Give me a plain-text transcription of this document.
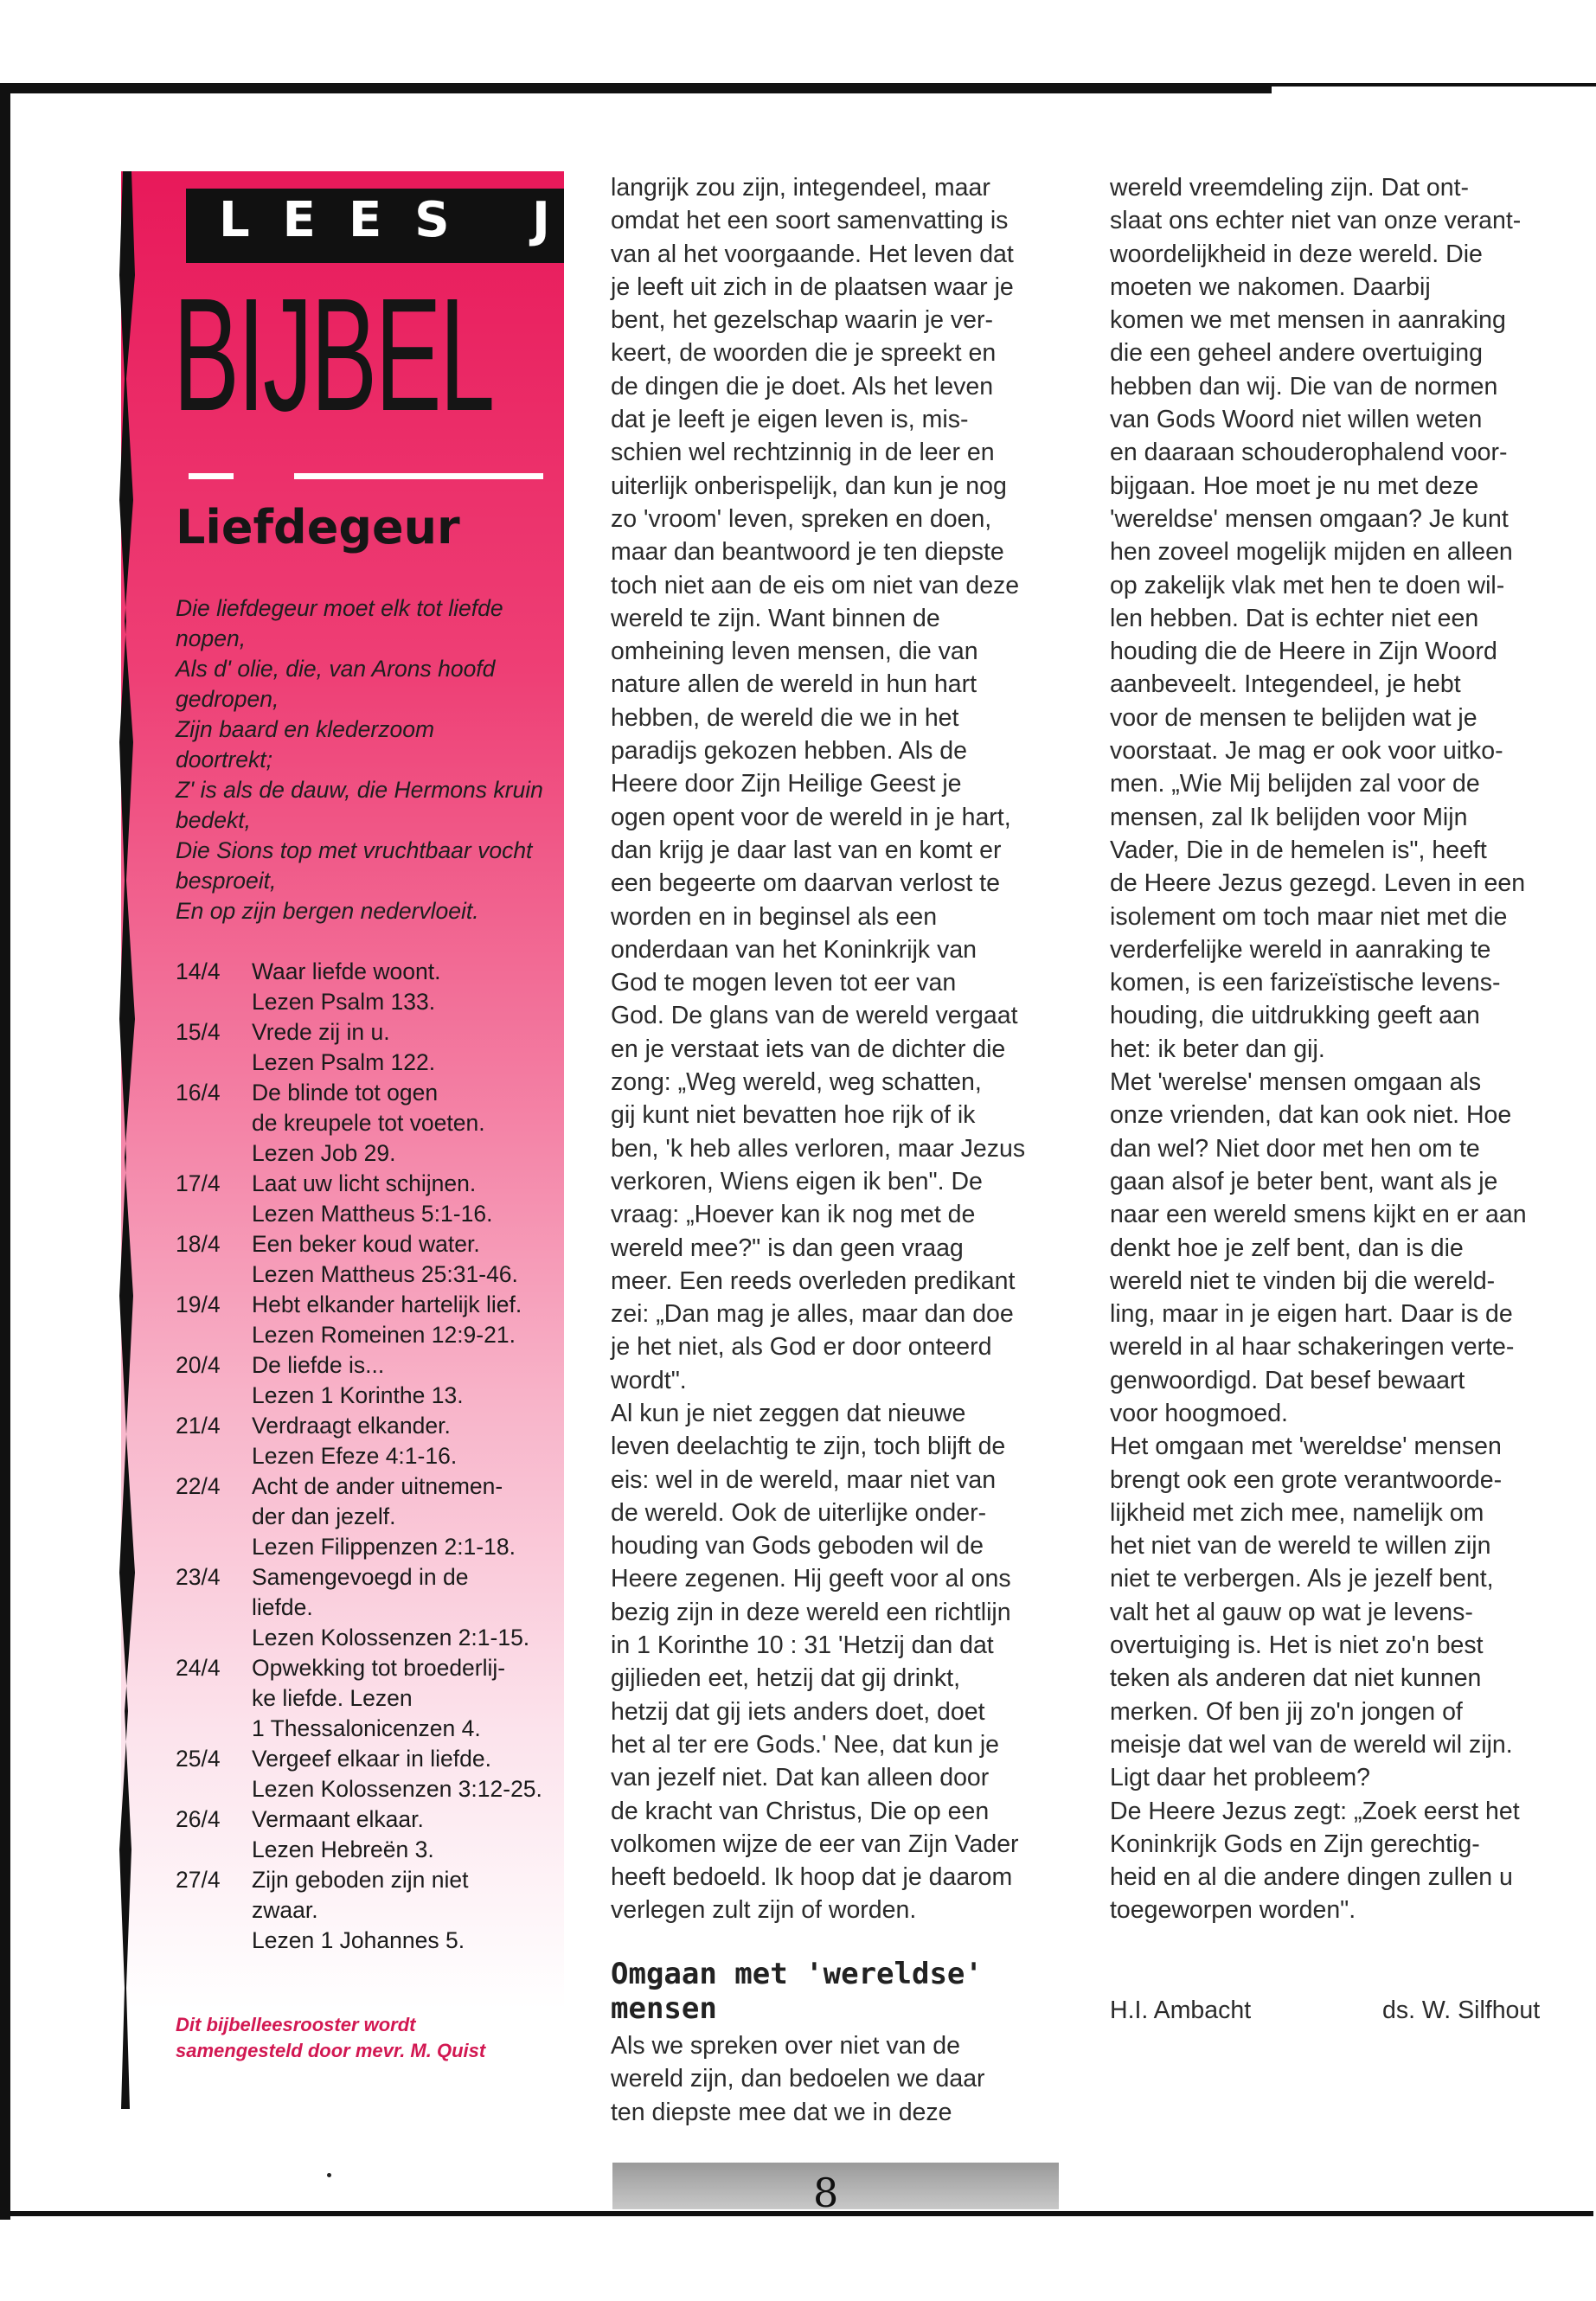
LEES JE
BIJBEL
Liefdegeur
Die liefdegeur moet elk tot liefde
nopen,
Als d' olie, die, van Arons hoofd
gedropen,
Zijn baard en klederzoom
doortrekt;
Z' is als de dauw, die Hermons kruin
bedekt,
Die Sions top met vruchtbaar vocht
besproeit,
En op zijn bergen nedervloeit.
14/4	Waar liefde woont.
Lezen Psalm 133.
15/4	Vrede zij in u.
Lezen Psalm 122.
16/4	De blinde tot ogen
de kreupele tot voeten.
Lezen Job 29.
17/4	Laat uw licht schijnen.
Lezen Mattheus 5:1-16.
18/4	Een beker koud water.
Lezen Mattheus 25:31-46.
19/4	Hebt elkander hartelijk lief.
Lezen Romeinen 12:9-21.
20/4	De liefde is...
Lezen 1 Korinthe 13.
21/4	Verdraagt elkander.
Lezen Efeze 4:1-16.
22/4	Acht de ander uitnemen-
der dan jezelf.
Lezen Filippenzen 2:1-18.
23/4	Samengevoegd in de
liefde.
Lezen Kolossenzen 2:1-15.
24/4	Opwekking tot broederlij-
ke liefde. Lezen
1 Thessalonicenzen 4.
25/4	Vergeef elkaar in liefde.
Lezen Kolossenzen 3:12-25.
26/4	Vermaant elkaar.
Lezen Hebreën 3.
27/4	Zijn geboden zijn niet
zwaar.
Lezen 1 Johannes 5.
Dit bijbelleesrooster wordt
samengesteld door mevr. M. Quist
langrijk zou zijn, integendeel, maar
omdat het een soort samenvatting is
van al het voorgaande. Het leven dat
je leeft uit zich in de plaatsen waar je
bent, het gezelschap waarin je ver-
keert, de woorden die je spreekt en
de dingen die je doet. Als het leven
dat je leeft je eigen leven is, mis-
schien wel rechtzinnig in de leer en
uiterlijk onberispelijk, dan kun je nog
zo 'vroom' leven, spreken en doen,
maar dan beantwoord je ten diepste
toch niet aan de eis om niet van deze
wereld te zijn. Want binnen de
omheining leven mensen, die van
nature allen de wereld in hun hart
hebben, de wereld die we in het
paradijs gekozen hebben. Als de
Heere door Zijn Heilige Geest je
ogen opent voor de wereld in je hart,
dan krijg je daar last van en komt er
een begeerte om daarvan verlost te
worden en in beginsel als een
onderdaan van het Koninkrijk van
God te mogen leven tot eer van
God. De glans van de wereld vergaat
en je verstaat iets van de dichter die
zong: „Weg wereld, weg schatten,
gij kunt niet bevatten hoe rijk of ik
ben, 'k heb alles verloren, maar Jezus
verkoren, Wiens eigen ik ben". De
vraag: „Hoever kan ik nog met de
wereld mee?" is dan geen vraag
meer. Een reeds overleden predikant
zei: „Dan mag je alles, maar dan doe
je het niet, als God er door onteerd
wordt".
Al kun je niet zeggen dat nieuwe
leven deelachtig te zijn, toch blijft de
eis: wel in de wereld, maar niet van
de wereld. Ook de uiterlijke onder-
houding van Gods geboden wil de
Heere zegenen. Hij geeft voor al ons
bezig zijn in deze wereld een richtlijn
in 1 Korinthe 10 : 31 'Hetzij dan dat
gijlieden eet, hetzij dat gij drinkt,
hetzij dat gij iets anders doet, doet
het al ter ere Gods.' Nee, dat kun je
van jezelf niet. Dat kan alleen door
de kracht van Christus, Die op een
volkomen wijze de eer van Zijn Vader
heeft bedoeld. Ik hoop dat je daarom
verlegen zult zijn of worden.
Omgaan met 'wereldse'
mensen
Als we spreken over niet van de
wereld zijn, dan bedoelen we daar
ten diepste mee dat we in deze
wereld vreemdeling zijn. Dat ont-
slaat ons echter niet van onze verant-
woordelijkheid in deze wereld. Die
moeten we nakomen. Daarbij
komen we met mensen in aanraking
die een geheel andere overtuiging
hebben dan wij. Die van de normen
van Gods Woord niet willen weten
en daaraan schouderophalend voor-
bijgaan. Hoe moet je nu met deze
'wereldse' mensen omgaan? Je kunt
hen zoveel mogelijk mijden en alleen
op zakelijk vlak met hen te doen wil-
len hebben. Dat is echter niet een
houding die de Heere in Zijn Woord
aanbeveelt. Integendeel, je hebt
voor de mensen te belijden wat je
voorstaat. Je mag er ook voor uitko-
men. „Wie Mij belijden zal voor de
mensen, zal Ik belijden voor Mijn
Vader, Die in de hemelen is", heeft
de Heere Jezus gezegd. Leven in een
isolement om toch maar niet met die
verderfelijke wereld in aanraking te
komen, is een farizeïstische levens-
houding, die uitdrukking geeft aan
het: ik beter dan gij.
Met 'werelse' mensen omgaan als
onze vrienden, dat kan ook niet. Hoe
dan wel? Niet door met hen om te
gaan alsof je beter bent, want als je
naar een wereld smens kijkt en er aan
denkt hoe je zelf bent, dan is die
wereld niet te vinden bij die wereld-
ling, maar in je eigen hart. Daar is de
wereld in al haar schakeringen verte-
genwoordigd. Dat besef bewaart
voor hoogmoed.
Het omgaan met 'wereldse' mensen
brengt ook een grote verantwoorde-
lijkheid met zich mee, namelijk om
het niet van de wereld te willen zijn
niet te verbergen. Als je jezelf bent,
valt het al gauw op wat je levens-
overtuiging is. Het is niet zo'n best
teken als anderen dat niet kunnen
merken. Of ben jij zo'n jongen of
meisje dat wel van de wereld wil zijn.
Ligt daar het probleem?
De Heere Jezus zegt: „Zoek eerst het
Koninkrijk Gods en Zijn gerechtig-
heid en al die andere dingen zullen u
toegeworpen worden".
H.I. Ambacht	ds. W. Silfhout
8
